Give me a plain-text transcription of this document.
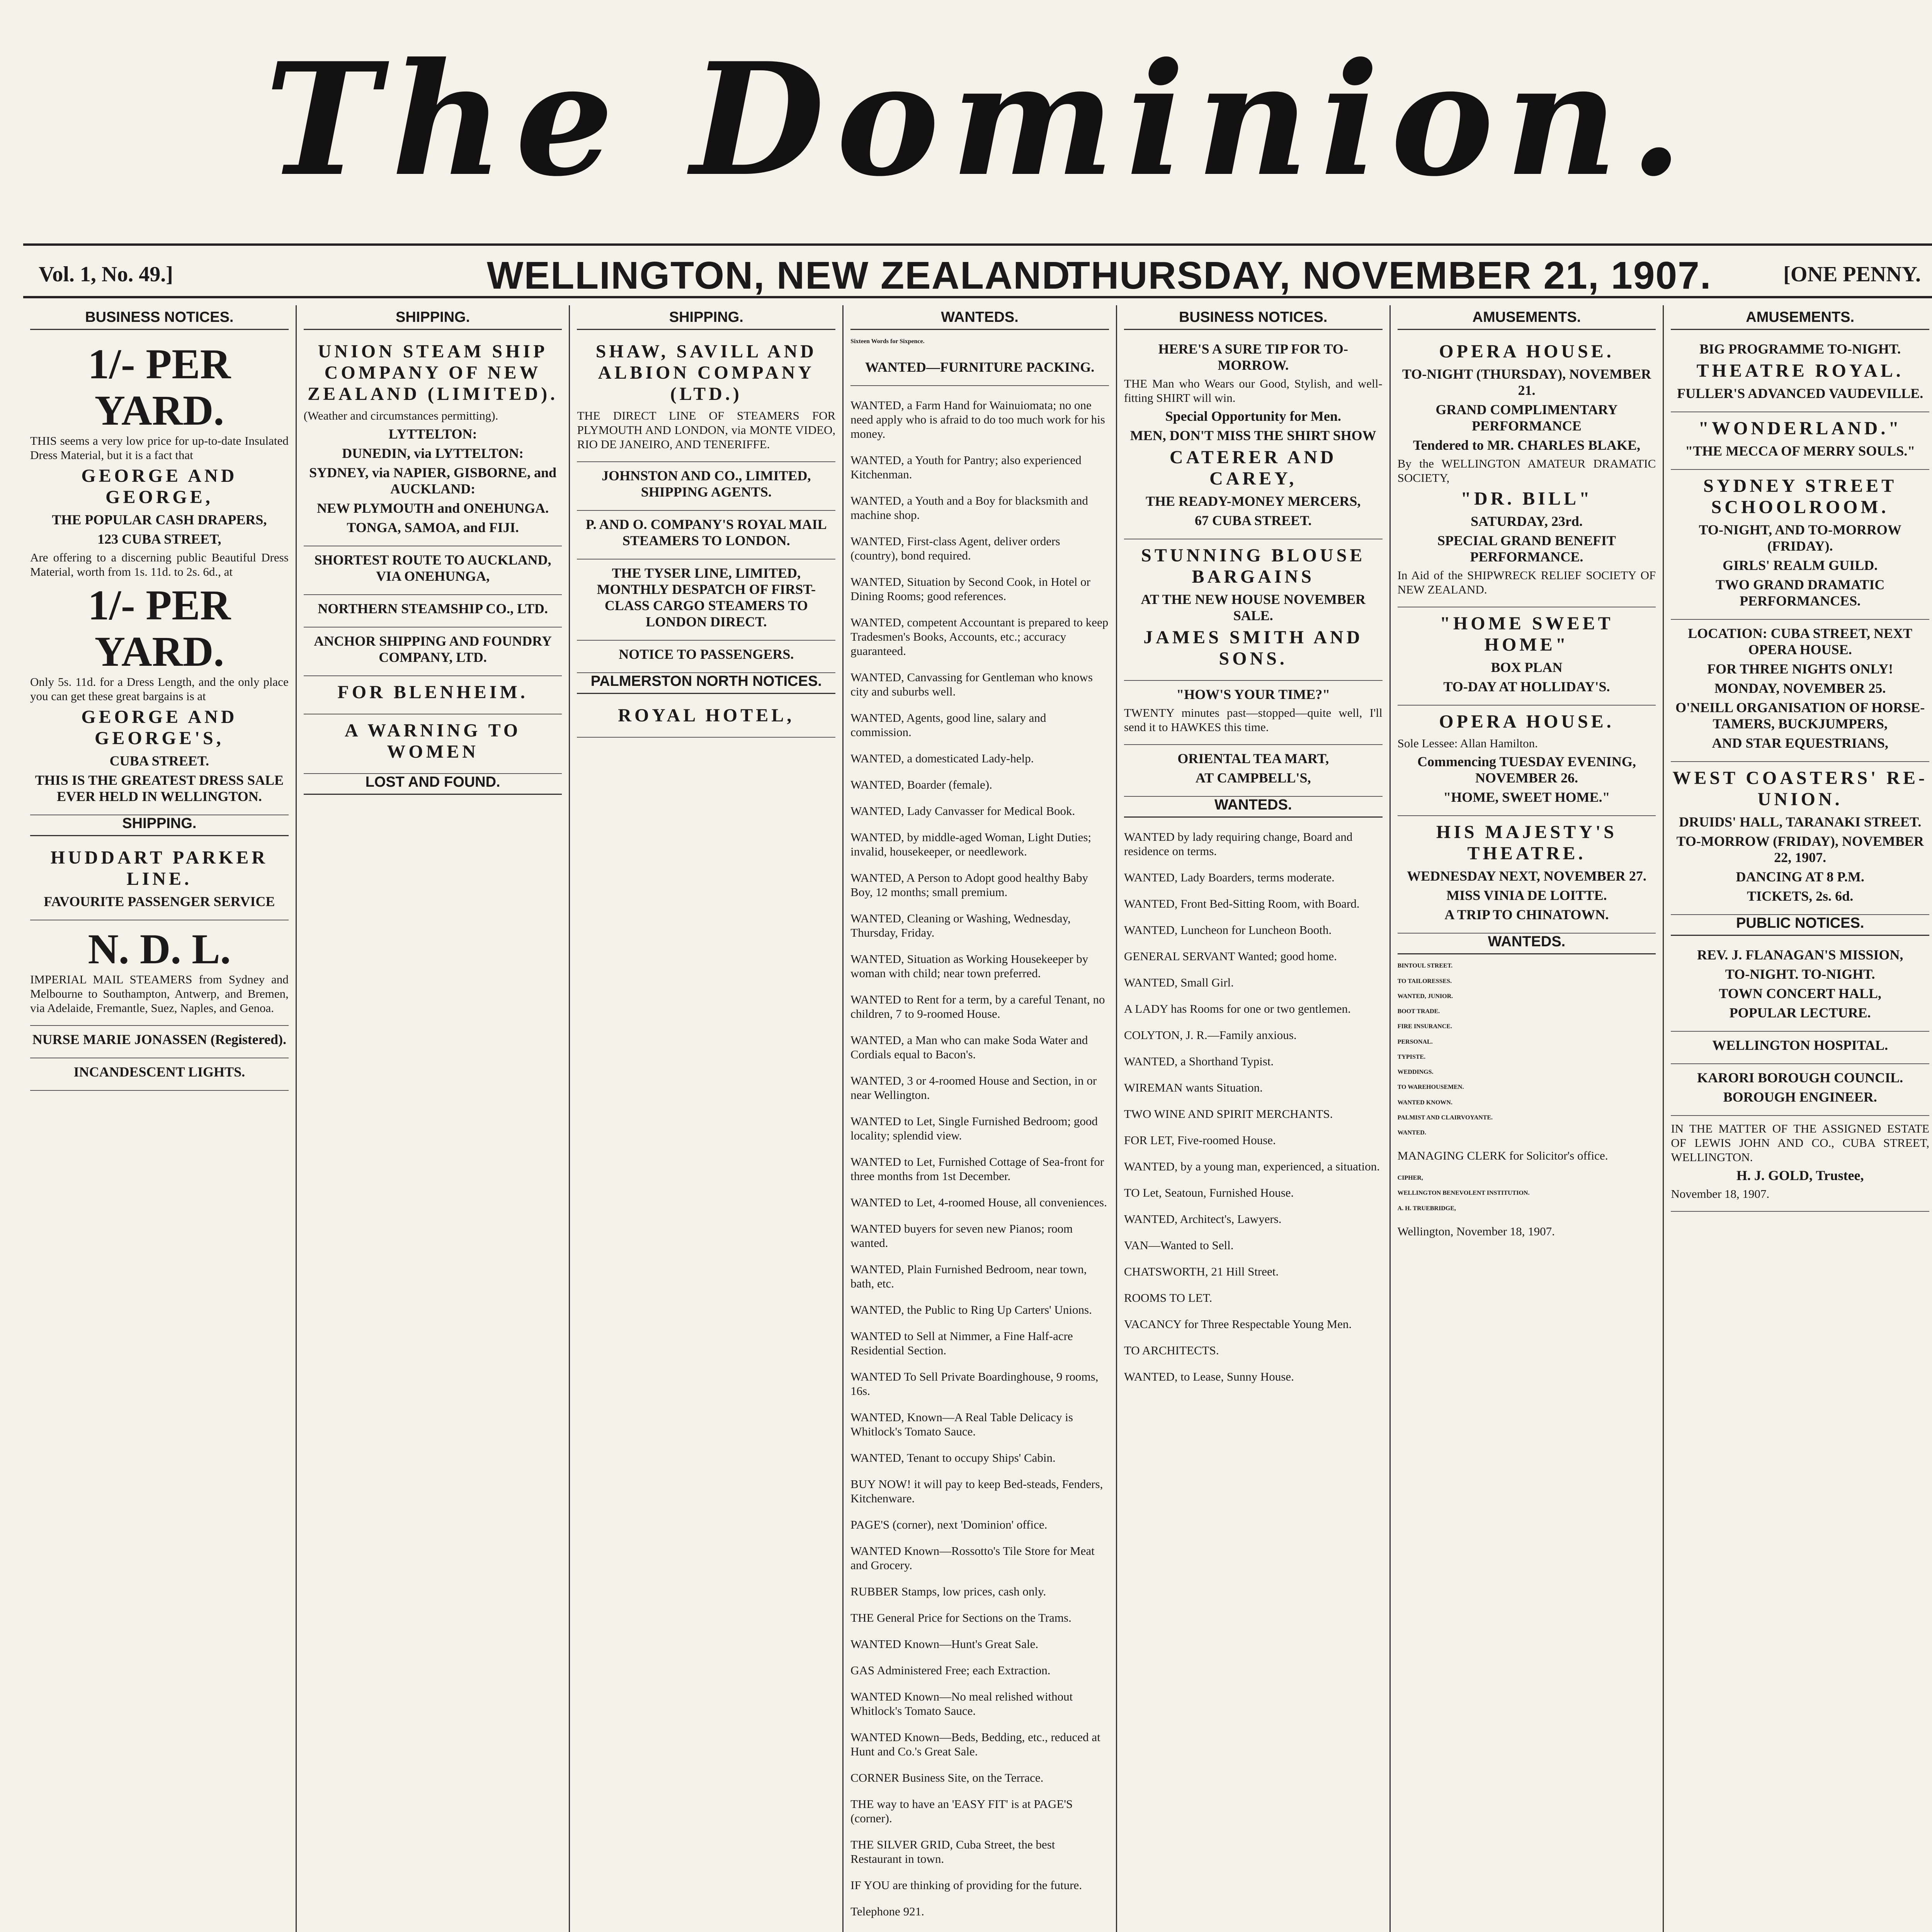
The Dominion.
Vol. 1, No. 49.]	WELLINGTON, NEW ZEALAND.
THURSDAY, NOVEMBER 21, 1907.	[ONE PENNY.
BUSINESS NOTICES.
1/- PER YARD.

THIS seems a very low price for up-to-date Insulated Dress Material, but it is a fact that

GEORGE AND GEORGE,
THE POPULAR CASH DRAPERS,
123 CUBA STREET,

Are offering to a discerning public Beautiful Dress Material, worth from 1s. 11d. to 2s. 6d., at

1/- PER YARD.

Only 5s. 11d. for a Dress Length, and the only place you can get these great bargains is at

GEORGE AND GEORGE'S,
CUBA STREET.
THIS IS THE GREATEST DRESS SALE EVER HELD IN WELLINGTON.
SHIPPING.
HUDDART PARKER LINE.
FAVOURITE PASSENGER SERVICE
N. D. L.

IMPERIAL MAIL STEAMERS from Sydney and Melbourne to Southampton, Antwerp, and Bremen, via Adelaide, Fremantle, Suez, Naples, and Genoa.

NURSE MARIE JONASSEN (Registered).
INCANDESCENT LIGHTS.
SHIPPING.
UNION STEAM SHIP COMPANY OF NEW ZEALAND (LIMITED).

(Weather and circumstances permitting).

LYTTELTON:
DUNEDIN, via LYTTELTON:
SYDNEY, via NAPIER, GISBORNE, and AUCKLAND:
NEW PLYMOUTH and ONEHUNGA.
TONGA, SAMOA, and FIJI.
SHORTEST ROUTE TO AUCKLAND, VIA ONEHUNGA,
NORTHERN STEAMSHIP CO., LTD.
ANCHOR SHIPPING AND FOUNDRY COMPANY, LTD.
FOR BLENHEIM.
A WARNING TO WOMEN
LOST AND FOUND.
SHIPPING.
SHAW, SAVILL AND ALBION COMPANY (LTD.)

THE DIRECT LINE OF STEAMERS FOR PLYMOUTH AND LONDON, via MONTE VIDEO, RIO DE JANEIRO, AND TENERIFFE.

JOHNSTON AND CO., LIMITED, SHIPPING AGENTS.
P. AND O. COMPANY'S ROYAL MAIL STEAMERS TO LONDON.
THE TYSER LINE, LIMITED, MONTHLY DESPATCH OF FIRST-CLASS CARGO STEAMERS TO LONDON DIRECT.
NOTICE TO PASSENGERS.
PALMERSTON NORTH NOTICES.
ROYAL HOTEL,
WANTEDS.
Sixteen Words for Sixpence.
WANTED—FURNITURE PACKING.

WANTED, a Farm Hand for Wainuiomata; no one need apply who is afraid to do too much work for his money.

WANTED, a Youth for Pantry; also experienced Kitchenman.

WANTED, a Youth and a Boy for blacksmith and machine shop.

WANTED, First-class Agent, deliver orders (country), bond required.

WANTED, Situation by Second Cook, in Hotel or Dining Rooms; good references.

WANTED, competent Accountant is prepared to keep Tradesmen's Books, Accounts, etc.; accuracy guaranteed.

WANTED, Canvassing for Gentleman who knows city and suburbs well.

WANTED, Agents, good line, salary and commission.

WANTED, a domesticated Lady-help.

WANTED, Boarder (female).

WANTED, Lady Canvasser for Medical Book.

WANTED, by middle-aged Woman, Light Duties; invalid, housekeeper, or needlework.

WANTED, A Person to Adopt good healthy Baby Boy, 12 months; small premium.

WANTED, Cleaning or Washing, Wednesday, Thursday, Friday.

WANTED, Situation as Working Housekeeper by woman with child; near town preferred.

WANTED to Rent for a term, by a careful Tenant, no children, 7 to 9-roomed House.

WANTED, a Man who can make Soda Water and Cordials equal to Bacon's.

WANTED, 3 or 4-roomed House and Section, in or near Wellington.

WANTED to Let, Single Furnished Bedroom; good locality; splendid view.

WANTED to Let, Furnished Cottage of Sea-front for three months from 1st December.

WANTED to Let, 4-roomed House, all conveniences.

WANTED buyers for seven new Pianos; room wanted.

WANTED, Plain Furnished Bedroom, near town, bath, etc.

WANTED, the Public to Ring Up Carters' Unions.

WANTED to Sell at Nimmer, a Fine Half-acre Residential Section.

WANTED To Sell Private Boardinghouse, 9 rooms, 16s.

WANTED, Known—A Real Table Delicacy is Whitlock's Tomato Sauce.

WANTED, Tenant to occupy Ships' Cabin.

BUY NOW! it will pay to keep Bed-steads, Fenders, Kitchenware.

PAGE'S (corner), next 'Dominion' office.

WANTED Known—Rossotto's Tile Store for Meat and Grocery.

RUBBER Stamps, low prices, cash only.

THE General Price for Sections on the Trams.

WANTED Known—Hunt's Great Sale.

GAS Administered Free; each Extraction.

WANTED Known—No meal relished without Whitlock's Tomato Sauce.

WANTED Known—Beds, Bedding, etc., reduced at Hunt and Co.'s Great Sale.

CORNER Business Site, on the Terrace.

THE way to have an 'EASY FIT' is at PAGE'S (corner).

THE SILVER GRID, Cuba Street, the best Restaurant in town.

IF YOU are thinking of providing for the future.

Telephone 921.

BUSINESS NOTICES.
HERE'S A SURE TIP FOR TO-MORROW.

THE Man who Wears our Good, Stylish, and well-fitting SHIRT will win.

Special Opportunity for Men.
MEN, DON'T MISS THE SHIRT SHOW
CATERER AND CAREY,
THE READY-MONEY MERCERS,
67 CUBA STREET.
STUNNING BLOUSE BARGAINS
AT THE NEW HOUSE NOVEMBER SALE.
JAMES SMITH AND SONS.
"HOW'S YOUR TIME?"

TWENTY minutes past—stopped—quite well, I'll send it to HAWKES this time.

ORIENTAL TEA MART,
AT CAMPBELL'S,
WANTEDS.

WANTED by lady requiring change, Board and residence on terms.

WANTED, Lady Boarders, terms moderate.

WANTED, Front Bed-Sitting Room, with Board.

WANTED, Luncheon for Luncheon Booth.

GENERAL SERVANT Wanted; good home.

WANTED, Small Girl.

A LADY has Rooms for one or two gentlemen.

COLYTON, J. R.—Family anxious.

WANTED, a Shorthand Typist.

WIREMAN wants Situation.

TWO WINE AND SPIRIT MERCHANTS.

FOR LET, Five-roomed House.

WANTED, by a young man, experienced, a situation.

TO Let, Seatoun, Furnished House.

WANTED, Architect's, Lawyers.

VAN—Wanted to Sell.

CHATSWORTH, 21 Hill Street.

ROOMS TO LET.

VACANCY for Three Respectable Young Men.

TO ARCHITECTS.

WANTED, to Lease, Sunny House.

AMUSEMENTS.
OPERA HOUSE.
TO-NIGHT (THURSDAY), NOVEMBER 21.
GRAND COMPLIMENTARY PERFORMANCE
Tendered to MR. CHARLES BLAKE,

By the WELLINGTON AMATEUR DRAMATIC SOCIETY,

"DR. BILL"
SATURDAY, 23rd.
SPECIAL GRAND BENEFIT PERFORMANCE.

In Aid of the SHIPWRECK RELIEF SOCIETY OF NEW ZEALAND.

"HOME SWEET HOME"
BOX PLAN
TO-DAY AT HOLLIDAY'S.
OPERA HOUSE.

Sole Lessee: Allan Hamilton.

Commencing TUESDAY EVENING, NOVEMBER 26.
"HOME, SWEET HOME."
HIS MAJESTY'S THEATRE.
WEDNESDAY NEXT, NOVEMBER 27.
MISS VINIA DE LOITTE.
A TRIP TO CHINATOWN.
WANTEDS.
BINTOUL STREET.
TO TAILORESSES.
WANTED, JUNIOR.
BOOT TRADE.
FIRE INSURANCE.
PERSONAL.
TYPISTE.
WEDDINGS.
TO WAREHOUSEMEN.
WANTED KNOWN.
PALMIST AND CLAIRVOYANTE.
WANTED.

MANAGING CLERK for Solicitor's office.

CIPHER,
WELLINGTON BENEVOLENT INSTITUTION.
A. H. TRUEBRIDGE,

Wellington, November 18, 1907.

AMUSEMENTS.
BIG PROGRAMME TO-NIGHT.
THEATRE ROYAL.
FULLER'S ADVANCED VAUDEVILLE.
"WONDERLAND."
"THE MECCA OF MERRY SOULS."
SYDNEY STREET SCHOOLROOM.
TO-NIGHT, AND TO-MORROW (FRIDAY).
GIRLS' REALM GUILD.
TWO GRAND DRAMATIC PERFORMANCES.
LOCATION: CUBA STREET, NEXT OPERA HOUSE.
FOR THREE NIGHTS ONLY!
MONDAY, NOVEMBER 25.
O'NEILL ORGANISATION OF HORSE-TAMERS, BUCKJUMPERS,
AND STAR EQUESTRIANS,
WEST COASTERS' RE-UNION.
DRUIDS' HALL, TARANAKI STREET.
TO-MORROW (FRIDAY), NOVEMBER 22, 1907.
DANCING AT 8 P.M.
TICKETS, 2s. 6d.
PUBLIC NOTICES.
REV. J. FLANAGAN'S MISSION,
TO-NIGHT. TO-NIGHT.
TOWN CONCERT HALL,
POPULAR LECTURE.
WELLINGTON HOSPITAL.
KARORI BOROUGH COUNCIL.
BOROUGH ENGINEER.

IN THE MATTER OF THE ASSIGNED ESTATE OF LEWIS JOHN AND CO., CUBA STREET, WELLINGTON.

H. J. GOLD, Trustee,

November 18, 1907.
